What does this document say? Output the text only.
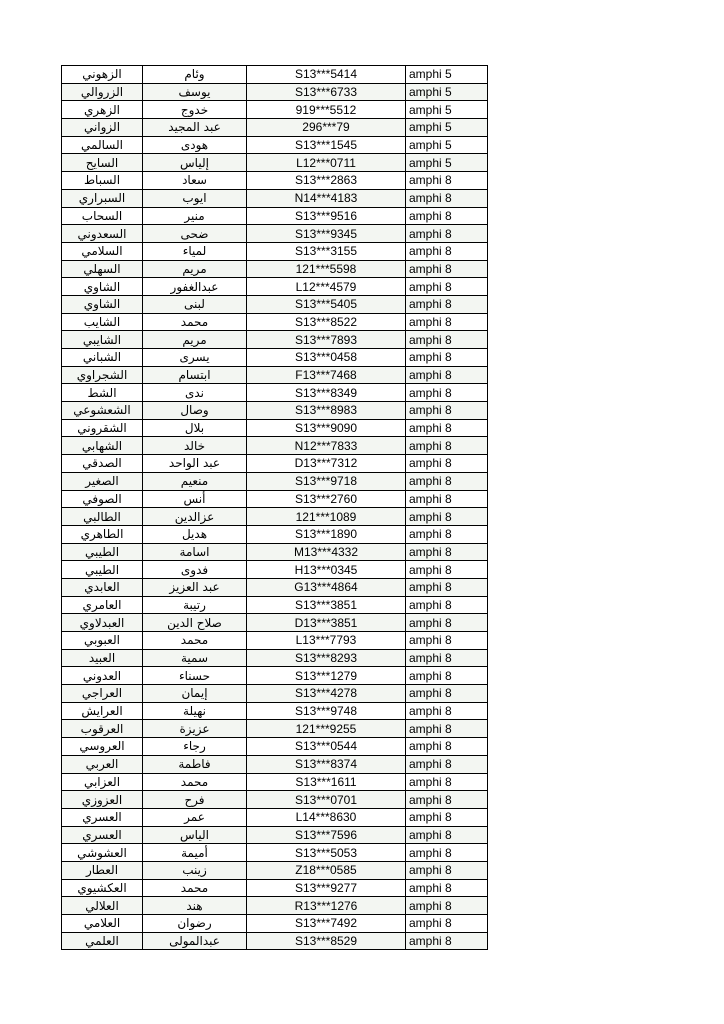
الزهوني	وئام	S13***5414	amphi 5
الزروالي	يوسف	S13***6733	amphi 5
الزهري	خدوج	919***5512	amphi 5
الزواني	عبد المجيد	296***79	amphi 5
السالمي	هودى	S13***1545	amphi 5
السايح	إلياس	L12***0711	amphi 5
السباط	سعاد	S13***2863	amphi 8
السبراري	ايوب	N14***4183	amphi 8
السحاب	منير	S13***9516	amphi 8
السعدوني	ضحى	S13***9345	amphi 8
السلامي	لمياء	S13***3155	amphi 8
السهلي	مريم	121***5598	amphi 8
الشاوي	عبدالغفور	L12***4579	amphi 8
الشاوي	لبنى	S13***5405	amphi 8
الشايب	محمد	S13***8522	amphi 8
الشايبي	مريم	S13***7893	amphi 8
الشباني	يسرى	S13***0458	amphi 8
الشجراوي	ابتسام	F13***7468	amphi 8
الشط	ندى	S13***8349	amphi 8
الشعشوعي	وصال	S13***8983	amphi 8
الشقروني	بلال	S13***9090	amphi 8
الشهابي	خالد	N12***7833	amphi 8
الصدقي	عبد الواحد	D13***7312	amphi 8
الصغير	منعيم	S13***9718	amphi 8
الصوفي	أنس	S13***2760	amphi 8
الطالبي	عزالدين	121***1089	amphi 8
الطاهري	هديل	S13***1890	amphi 8
الطيبي	اسامة	M13***4332	amphi 8
الطيبي	فدوى	H13***0345	amphi 8
العابدي	عبد العزيز	G13***4864	amphi 8
العامري	رتيبة	S13***3851	amphi 8
العبدلاوي	صلاح الدين	D13***3851	amphi 8
العبوبي	محمد	L13***7793	amphi 8
العبيد	سمية	S13***8293	amphi 8
العدوني	حسناء	S13***1279	amphi 8
العراجي	إيمان	S13***4278	amphi 8
العرايش	نهيلة	S13***9748	amphi 8
العرقوب	عزيزة	121***9255	amphi 8
العروسي	رجاء	S13***0544	amphi 8
العربي	فاطمة	S13***8374	amphi 8
العزابي	محمد	S13***1611	amphi 8
العزوزي	فرح	S13***0701	amphi 8
العسري	عمر	L14***8630	amphi 8
العسري	الياس	S13***7596	amphi 8
العشوشي	أميمة	S13***5053	amphi 8
العطار	زينب	Z18***0585	amphi 8
العكشيوي	محمد	S13***9277	amphi 8
العلالي	هند	R13***1276	amphi 8
العلامي	رضوان	S13***7492	amphi 8
العلمي	عبدالمولى	S13***8529	amphi 8
